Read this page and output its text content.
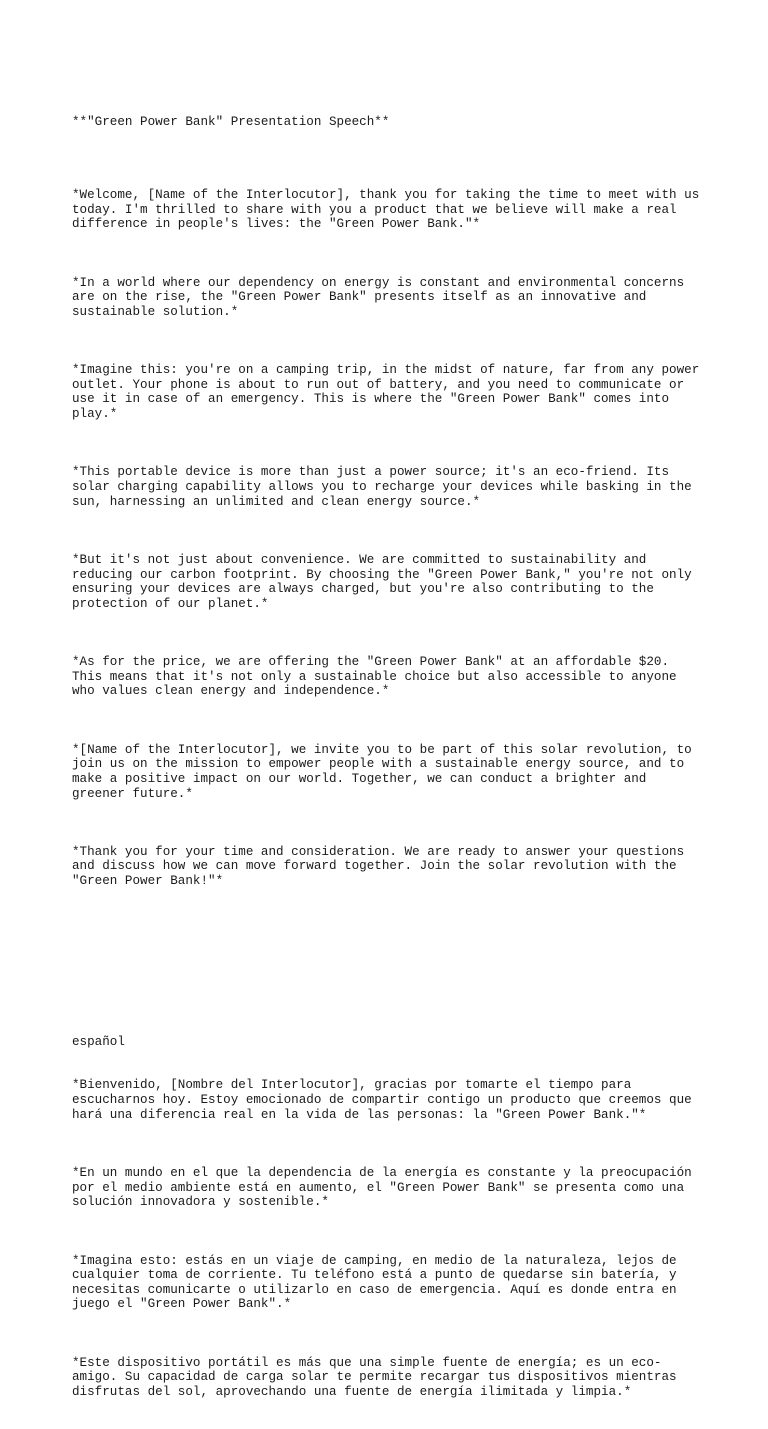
**"Green Power Bank" Presentation Speech**

*Welcome, [Name of the Interlocutor], thank you for taking the time to meet with us
today. I'm thrilled to share with you a product that we believe will make a real
difference in people's lives: the "Green Power Bank."*

*In a world where our dependency on energy is constant and environmental concerns
are on the rise, the "Green Power Bank" presents itself as an innovative and
sustainable solution.*

*Imagine this: you're on a camping trip, in the midst of nature, far from any power
outlet. Your phone is about to run out of battery, and you need to communicate or
use it in case of an emergency. This is where the "Green Power Bank" comes into
play.*

*This portable device is more than just a power source; it's an eco-friend. Its
solar charging capability allows you to recharge your devices while basking in the
sun, harnessing an unlimited and clean energy source.*

*But it's not just about convenience. We are committed to sustainability and
reducing our carbon footprint. By choosing the "Green Power Bank," you're not only
ensuring your devices are always charged, but you're also contributing to the
protection of our planet.*

*As for the price, we are offering the "Green Power Bank" at an affordable $20.
This means that it's not only a sustainable choice but also accessible to anyone
who values clean energy and independence.*

*[Name of the Interlocutor], we invite you to be part of this solar revolution, to
join us on the mission to empower people with a sustainable energy source, and to
make a positive impact on our world. Together, we can conduct a brighter and
greener future.*

*Thank you for your time and consideration. We are ready to answer your questions
and discuss how we can move forward together. Join the solar revolution with the
"Green Power Bank!"*

español

*Bienvenido, [Nombre del Interlocutor], gracias por tomarte el tiempo para
escucharnos hoy. Estoy emocionado de compartir contigo un producto que creemos que
hará una diferencia real en la vida de las personas: la "Green Power Bank."*

*En un mundo en el que la dependencia de la energía es constante y la preocupación
por el medio ambiente está en aumento, el "Green Power Bank" se presenta como una
solución innovadora y sostenible.*

*Imagina esto: estás en un viaje de camping, en medio de la naturaleza, lejos de
cualquier toma de corriente. Tu teléfono está a punto de quedarse sin batería, y
necesitas comunicarte o utilizarlo en caso de emergencia. Aquí es donde entra en
juego el "Green Power Bank".*

*Este dispositivo portátil es más que una simple fuente de energía; es un eco-
amigo. Su capacidad de carga solar te permite recargar tus dispositivos mientras
disfrutas del sol, aprovechando una fuente de energía ilimitada y limpia.*
